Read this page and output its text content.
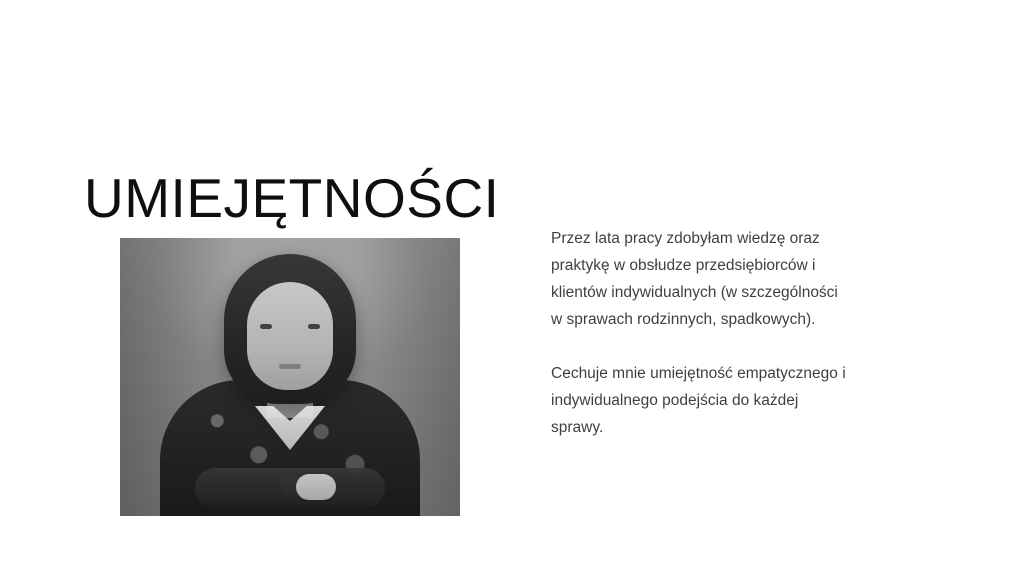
UMIEJĘTNOŚCI

Przez lata pracy zdobyłam wiedzę oraz praktykę w obsłudze przedsiębiorców i klientów indywidualnych (w szczególności w sprawach rodzinnych, spadkowych).

Cechuje mnie umiejętność empatycznego i indywidualnego podejścia do każdej sprawy.
